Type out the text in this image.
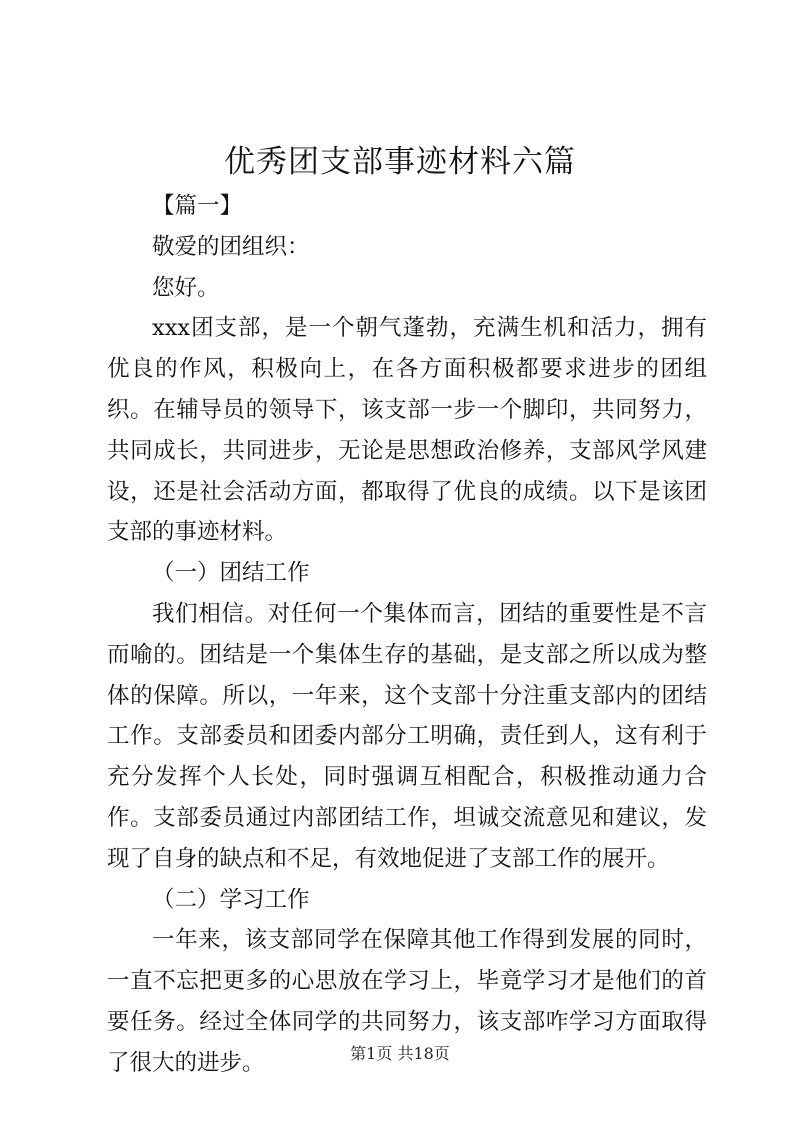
优秀团支部事迹材料六篇

【篇一】

敬爱的团组织：

您好。

xxx团支部，是一个朝气蓬勃，充满生机和活力，拥有优良的作风，积极向上，在各方面积极都要求进步的团组织。在辅导员的领导下，该支部一步一个脚印，共同努力，共同成长，共同进步，无论是思想政治修养，支部风学风建设，还是社会活动方面，都取得了优良的成绩。以下是该团支部的事迹材料。

（一）团结工作

我们相信。对任何一个集体而言，团结的重要性是不言而喻的。团结是一个集体生存的基础，是支部之所以成为整体的保障。所以，一年来，这个支部十分注重支部内的团结工作。支部委员和团委内部分工明确，责任到人，这有利于充分发挥个人长处，同时强调互相配合，积极推动通力合作。支部委员通过内部团结工作，坦诚交流意见和建议，发现了自身的缺点和不足，有效地促进了支部工作的展开。

（二）学习工作

一年来，该支部同学在保障其他工作得到发展的同时，一直不忘把更多的心思放在学习上，毕竟学习才是他们的首要任务。经过全体同学的共同努力，该支部咋学习方面取得了很大的进步。	第1页 共18页
